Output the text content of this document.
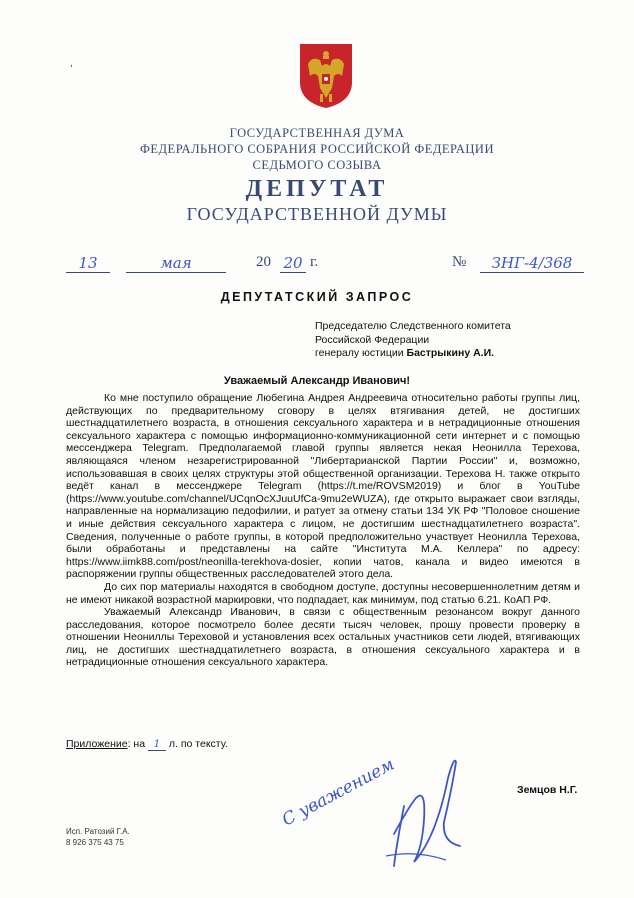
,
ГОСУДАРСТВЕННАЯ ДУМА
ФЕДЕРАЛЬНОГО СОБРАНИЯ РОССИЙСКОЙ ФЕДЕРАЦИИ
СЕДЬМОГО СОЗЫВА
ДЕПУТАТ
ГОСУДАРСТВЕННОЙ ДУМЫ
13	мая	20 20 г.	№	ЗНГ-4/368
ДЕПУТАТСКИЙ ЗАПРОС
Председателю Следственного комитета
Российской Федерации
генералу юстиции Бастрыкину А.И.
Уважаемый Александр Иванович!

Ко мне поступило обращение Любегина Андрея Андреевича относительно работы группы лиц, действующих по предварительному сговору в целях втягивания детей, не достигших шестнадцатилетнего возраста, в отношения сексуального характера и в нетрадиционные отношения сексуального характера с помощью информационно-коммуникационной сети интернет и с помощью мессенджера Telegram. Предполагаемой главой группы является некая Неонилла Терехова, являющаяся членом незарегистрированной "Либертарианской Партии России" и, возможно, использовавшая в своих целях структуры этой общественной организации. Терехова Н. также открыто ведёт канал в мессенджере Telegram (https://t.me/ROVSM2019) и блог в YouTube (https://www.youtube.com/channel/UCqnOcXJuuUfCa-9mu2eWUZA), где открыто выражает свои взгляды, направленные на нормализацию педофилии, и ратует за отмену статьи 134 УК РФ "Половое сношение и иные действия сексуального характера с лицом, не достигшим шестнадцатилетнего возраста". Сведения, полученные о работе группы, в которой предположительно участвует Неонилла Терехова, были обработаны и представлены на сайте "Института М.А. Келлера" по адресу: https://www.iimk88.com/post/neonilla-terekhova-dosier, копии чатов, канала и видео имеются в распоряжении группы общественных расследователей этого дела.

До сих пор материалы находятся в свободном доступе, доступны несовершеннолетним детям и не имеют никакой возрастной маркировки, что подпадает, как минимум, под статью 6.21. КоАП РФ.

Уважаемый Александр Иванович, в связи с общественным резонансом вокруг данного расследования, которое посмотрело более десяти тысяч человек, прошу провести проверку в отношении Неониллы Тереховой и установления всех остальных участников сети людей, втягивающих лиц, не достигших шестнадцатилетнего возраста, в отношения сексуального характера и в нетрадиционные отношения сексуального характера.

Приложение: на 1 л. по тексту.
С уважением	Земцов Н.Г.
Исп. Ратозий Г.А.
8 926 375 43 75
